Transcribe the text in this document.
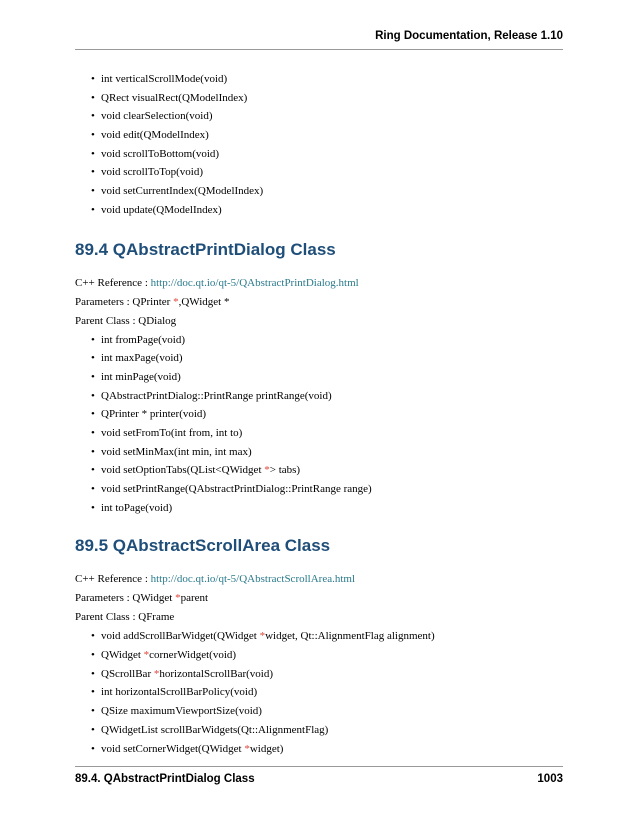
Ring Documentation, Release 1.10
• int verticalScrollMode(void)
• QRect visualRect(QModelIndex)
• void clearSelection(void)
• void edit(QModelIndex)
• void scrollToBottom(void)
• void scrollToTop(void)
• void setCurrentIndex(QModelIndex)
• void update(QModelIndex)
89.4 QAbstractPrintDialog Class
C++ Reference : http://doc.qt.io/qt-5/QAbstractPrintDialog.html
Parameters : QPrinter *,QWidget *
Parent Class : QDialog
• int fromPage(void)
• int maxPage(void)
• int minPage(void)
• QAbstractPrintDialog::PrintRange printRange(void)
• QPrinter * printer(void)
• void setFromTo(int from, int to)
• void setMinMax(int min, int max)
• void setOptionTabs(QList<QWidget *> tabs)
• void setPrintRange(QAbstractPrintDialog::PrintRange range)
• int toPage(void)
89.5 QAbstractScrollArea Class
C++ Reference : http://doc.qt.io/qt-5/QAbstractScrollArea.html
Parameters : QWidget *parent
Parent Class : QFrame
• void addScrollBarWidget(QWidget *widget, Qt::AlignmentFlag alignment)
• QWidget *cornerWidget(void)
• QScrollBar *horizontalScrollBar(void)
• int horizontalScrollBarPolicy(void)
• QSize maximumViewportSize(void)
• QWidgetList scrollBarWidgets(Qt::AlignmentFlag)
• void setCornerWidget(QWidget *widget)
89.4. QAbstractPrintDialog Class	1003
